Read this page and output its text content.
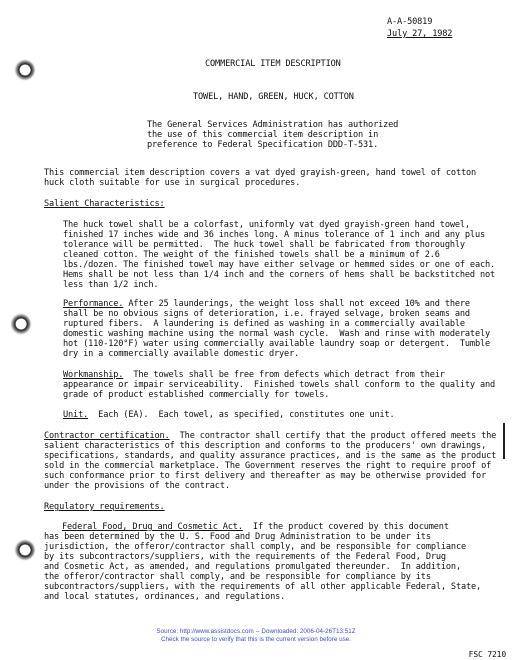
A-A-50819
July 27, 1982
COMMERCIAL ITEM DESCRIPTION
TOWEL, HAND, GREEN, HUCK, COTTON
The General Services Administration has authorized
the use of this commercial item description in
preference to Federal Specification DDD-T-531.
This commercial item description covers a vat dyed grayish-green, hand towel of cotton
huck cloth suitable for use in surgical procedures.
Salient Characteristics:
The huck towel shall be a colorfast, uniformly vat dyed grayish-green hand towel,
finished 17 inches wide and 36 inches long. A minus tolerance of 1 inch and any plus
tolerance will be permitted.  The huck towel shall be fabricated from thoroughly
cleaned cotton. The weight of the finished towels shall be a minimum of 2.6
lbs./dozen. The finished towel may have either selvage or hemmed sides or one of each.
Hems shall be not less than 1/4 inch and the corners of hems shall be backstitched not
less than 1/2 inch.
Performance. After 25 launderings, the weight loss shall not exceed 10% and there
shall be no obvious signs of deterioration, i.e. frayed selvage, broken seams and
ruptured fibers.  A laundering is defined as washing in a commercially available
domestic washing machine using the normal wash cycle.  Wash and rinse with moderately
hot (110-120°F) water using commercially available laundry soap or detergent.  Tumble
dry in a commercially available domestic dryer.
Workmanship.  The towels shall be free from defects which detract from their
appearance or impair serviceability.  Finished towels shall conform to the quality and
grade of product established commercially for towels.
Unit.  Each (EA).  Each towel, as specified, constitutes one unit.
Contractor certification.  The contractor shall certify that the product offered meets the
salient characteristics of this description and conforms to the producers' own drawings,
specifications, standards, and quality assurance practices, and is the same as the product
sold in the commercial marketplace. The Government reserves the right to require proof of
such conformance prior to first delivery and thereafter as may be otherwise provided for
under the provisions of the contract.
Regulatory requirements.
Federal Food, Drug and Cosmetic Act.  If the product covered by this document
has been determined by the U. S. Food and Drug Administration to be under its
jurisdiction, the offeror/contractor shall comply, and be responsible for compliance
by its subcontractors/suppliers, with the requirements of the Federal Food, Drug
and Cosmetic Act, as amended, and regulations promulgated thereunder.  In addition,
the offeror/contractor shall comply, and be responsible for compliance by its
subcontractors/suppliers, with the requirements of all other applicable Federal, State,
and local statutes, ordinances, and regulations.
Source: http://www.assistdocs.com -- Downloaded: 2006-04-26T13:51Z
Check the source to verify that this is the current version before use.
FSC 7210
